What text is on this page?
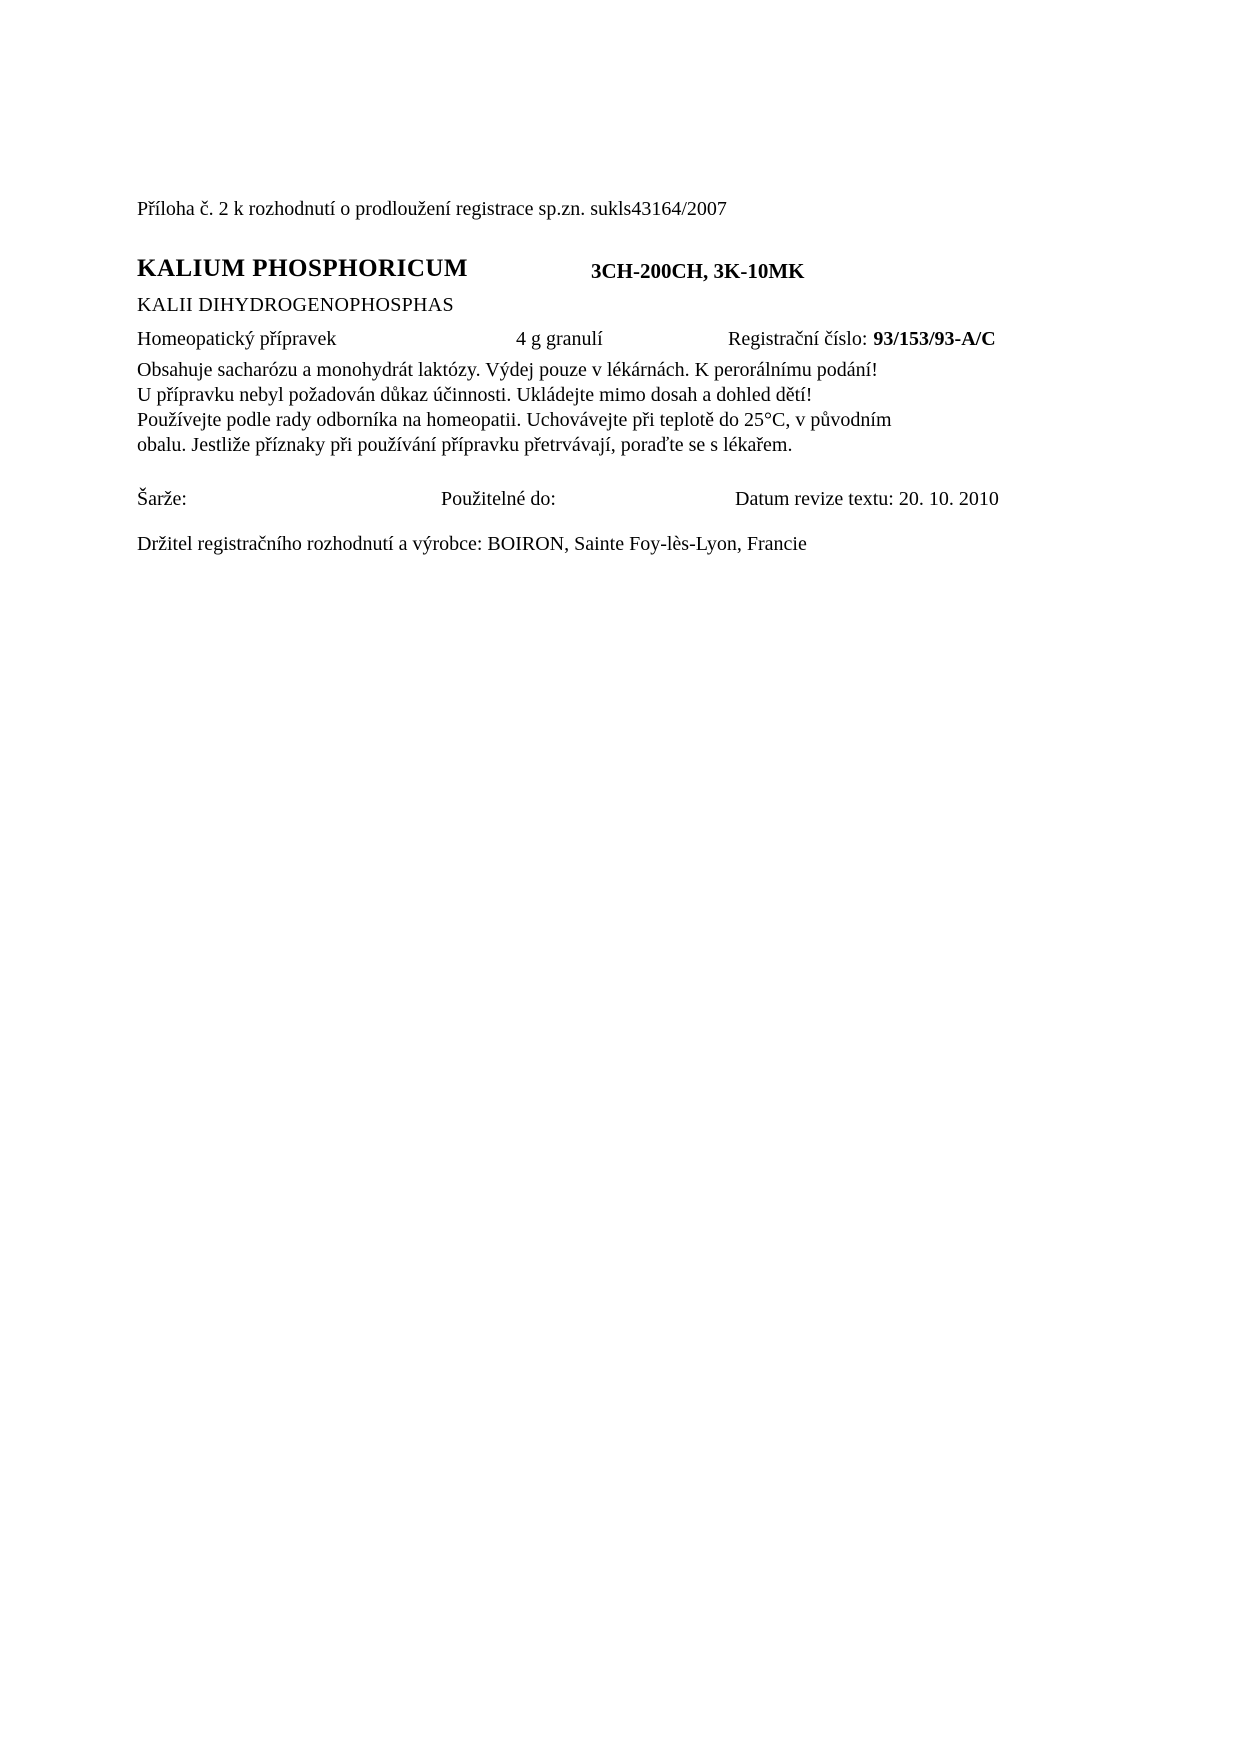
Příloha č. 2 k rozhodnutí o prodloužení registrace sp.zn. sukls43164/2007
KALIUM PHOSPHORICUM	3CH-200CH, 3K-10MK
KALII DIHYDROGENOPHOSPHAS
Homeopatický přípravek	4 g granulí	Registrační číslo: 93/153/93-A/C
Obsahuje sacharózu a monohydrát laktózy. Výdej pouze v lékárnách. K perorálnímu podání!
U přípravku nebyl požadován důkaz účinnosti. Ukládejte mimo dosah a dohled dětí!
Používejte podle rady odborníka na homeopatii. Uchovávejte při teplotě do 25°C, v původním
obalu. Jestliže příznaky při používání přípravku přetrvávají, poraďte se s lékařem.
Šarže:	Použitelné do:	Datum revize textu: 20. 10. 2010
Držitel registračního rozhodnutí a výrobce: BOIRON, Sainte Foy-lès-Lyon, Francie
